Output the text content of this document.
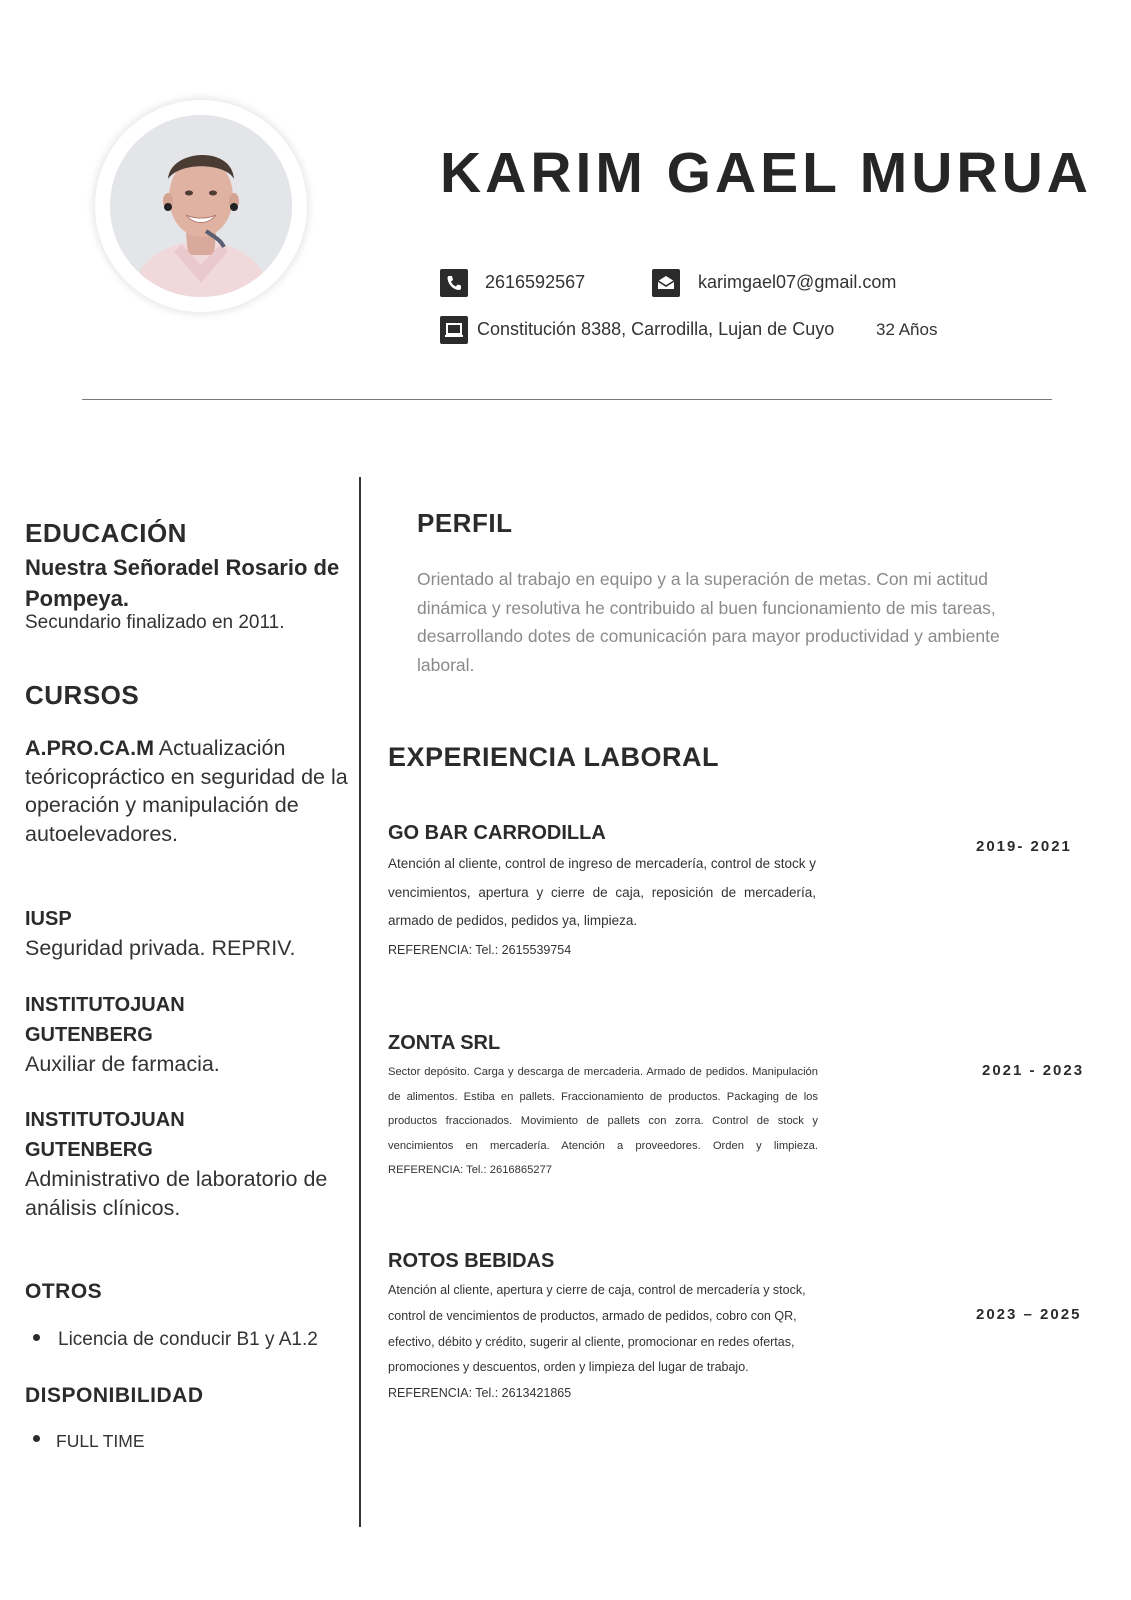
KARIM GAEL MURUA
2616592567	karimgael07@gmail.com
Constitución 8388, Carrodilla, Lujan de Cuyo 32 Años
EDUCACIÓN
Nuestra Señoradel Rosario de Pompeya.
Secundario finalizado en 2011.
CURSOS
A.PRO.CA.M Actualización teóricopráctico en seguridad de la operación y manipulación de autoelevadores.
IUSP
Seguridad privada. REPRIV.
INSTITUTOJUAN GUTENBERG
Auxiliar de farmacia.
INSTITUTOJUAN GUTENBERG
Administrativo de laboratorio de análisis clínicos.
OTROS
Licencia de conducir B1 y A1.2
DISPONIBILIDAD
FULL TIME
PERFIL
Orientado al trabajo en equipo y a la superación de metas. Con mi actitud dinámica y resolutiva he contribuido al buen funcionamiento de mis tareas, desarrollando dotes de comunicación para mayor productividad y ambiente laboral.
EXPERIENCIA LABORAL
GO BAR CARRODILLA
2019- 2021
Atención al cliente, control de ingreso de mercadería, control de stock y vencimientos, apertura y cierre de caja, reposición de mercadería, armado de pedidos, pedidos ya, limpieza.
REFERENCIA: Tel.: 2615539754
ZONTA SRL
2021 - 2023
Sector depósito. Carga y descarga de mercaderia. Armado de pedidos. Manipulación de alimentos. Estiba en pallets. Fraccionamiento de productos. Packaging de los productos fraccionados. Movimiento de pallets con zorra. Control de stock y vencimientos en mercadería. Atención a proveedores. Orden y limpieza. REFERENCIA: Tel.: 2616865277
ROTOS BEBIDAS
2023 – 2025
Atención al cliente, apertura y cierre de caja, control de mercadería y stock, control de vencimientos de productos, armado de pedidos, cobro con QR, efectivo, débito y crédito, sugerir al cliente, promocionar en redes ofertas, promociones y descuentos, orden y limpieza del lugar de trabajo. REFERENCIA: Tel.: 2613421865
